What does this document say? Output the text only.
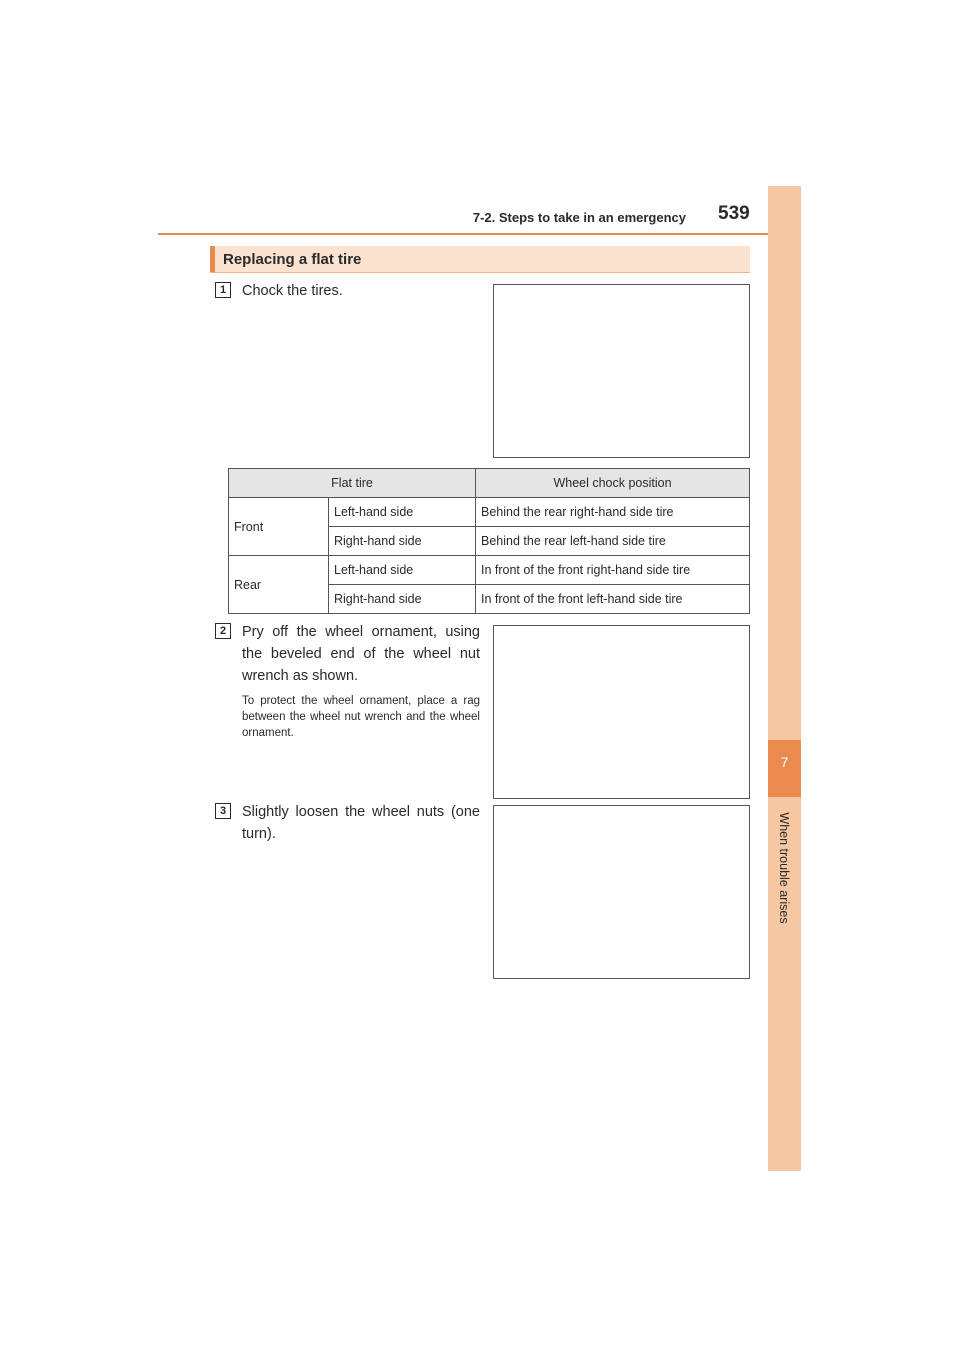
7-2. Steps to take in an emergency 539
7
When trouble arises
Replacing a flat tire
1	Chock the tires.
Flat tire		Wheel chock position
Front	Left-hand side	Behind the rear right-hand side tire
	Right-hand side	Behind the rear left-hand side tire
Rear	Left-hand side	In front of the front right-hand side tire
	Right-hand side	In front of the front left-hand side tire
2	Pry off the wheel ornament, using the beveled end of the wheel nut wrench as shown.
To protect the wheel ornament, place a rag between the wheel nut wrench and the wheel ornament.
3	Slightly loosen the wheel nuts (one turn).
